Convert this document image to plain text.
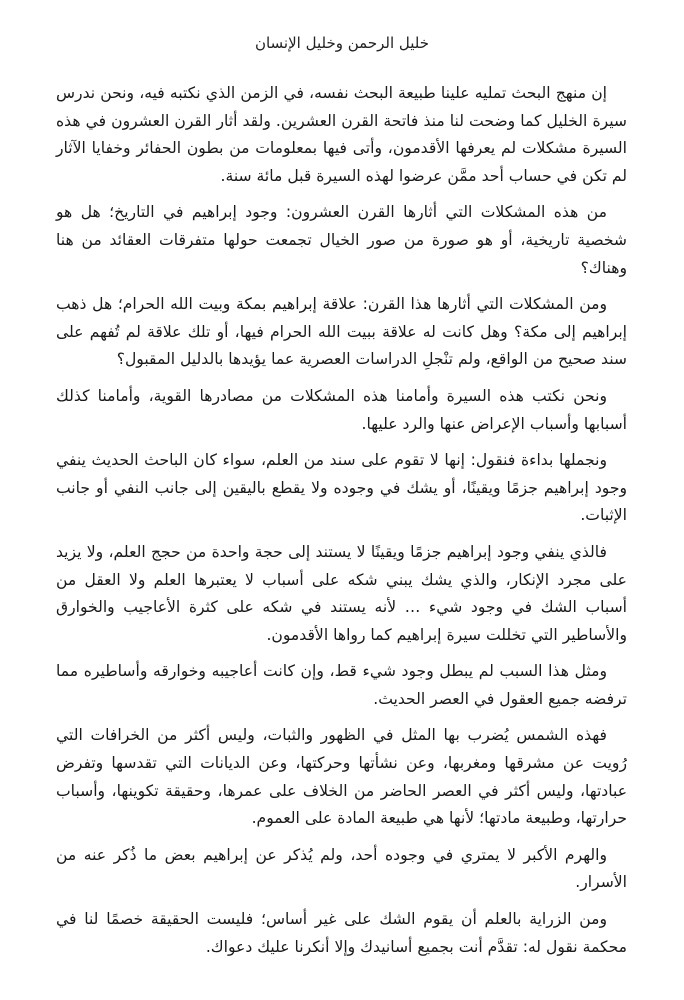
خليل الرحمن وخليل الإنسان

إن منهج البحث تمليه علينا طبيعة البحث نفسه، في الزمن الذي نكتبه فيه، ونحن ندرس سيرة الخليل كما وضحت لنا منذ فاتحة القرن العشرين. ولقد أثار القرن العشرون في هذه السيرة مشكلات لم يعرفها الأقدمون، وأتى فيها بمعلومات من بطون الحفائر وخفايا الآثار لم تكن في حساب أحد ممَّن عرضوا لهذه السيرة قبل مائة سنة.

من هذه المشكلات التي أثارها القرن العشرون: وجود إبراهيم في التاريخ؛ هل هو شخصية تاريخية، أو هو صورة من صور الخيال تجمعت حولها متفرقات العقائد من هنا وهناك؟

ومن المشكلات التي أثارها هذا القرن: علاقة إبراهيم بمكة وبيت الله الحرام؛ هل ذهب إبراهيم إلى مكة؟ وهل كانت له علاقة ببيت الله الحرام فيها، أو تلك علاقة لم تُفهم على سند صحيح من الواقع، ولم تنْجلِ الدراسات العصرية عما يؤيدها بالدليل المقبول؟

ونحن نكتب هذه السيرة وأمامنا هذه المشكلات من مصادرها القوية، وأمامنا كذلك أسبابها وأسباب الإعراض عنها والرد عليها.

ونجملها بداءة فنقول: إنها لا تقوم على سند من العلم، سواء كان الباحث الحديث ينفي وجود إبراهيم جزمًا ويقينًا، أو يشك في وجوده ولا يقطع باليقين إلى جانب النفي أو جانب الإثبات.

فالذي ينفي وجود إبراهيم جزمًا ويقينًا لا يستند إلى حجة واحدة من حجج العلم، ولا يزيد على مجرد الإنكار، والذي يشك يبني شكه على أسباب لا يعتبرها العلم ولا العقل من أسباب الشك في وجود شيء … لأنه يستند في شكه على كثرة الأعاجيب والخوارق والأساطير التي تخللت سيرة إبراهيم كما رواها الأقدمون.

ومثل هذا السبب لم يبطل وجود شيء قط، وإن كانت أعاجيبه وخوارقه وأساطيره مما ترفضه جميع العقول في العصر الحديث.

فهذه الشمس يُضرب بها المثل في الظهور والثبات، وليس أكثر من الخرافات التي رُويت عن مشرقها ومغربها، وعن نشأتها وحركتها، وعن الديانات التي تقدسها وتفرض عبادتها، وليس أكثر في العصر الحاضر من الخلاف على عمرها، وحقيقة تكوينها، وأسباب حرارتها، وطبيعة مادتها؛ لأنها هي طبيعة المادة على العموم.

والهرم الأكبر لا يمتري في وجوده أحد، ولم يُذكر عن إبراهيم بعض ما ذُكر عنه من الأسرار.

ومن الزراية بالعلم أن يقوم الشك على غير أساس؛ فليست الحقيقة خصمًا لنا في محكمة نقول له: تقدَّم أنت بجميع أسانيدك وإلا أنكرنا عليك دعواك.
